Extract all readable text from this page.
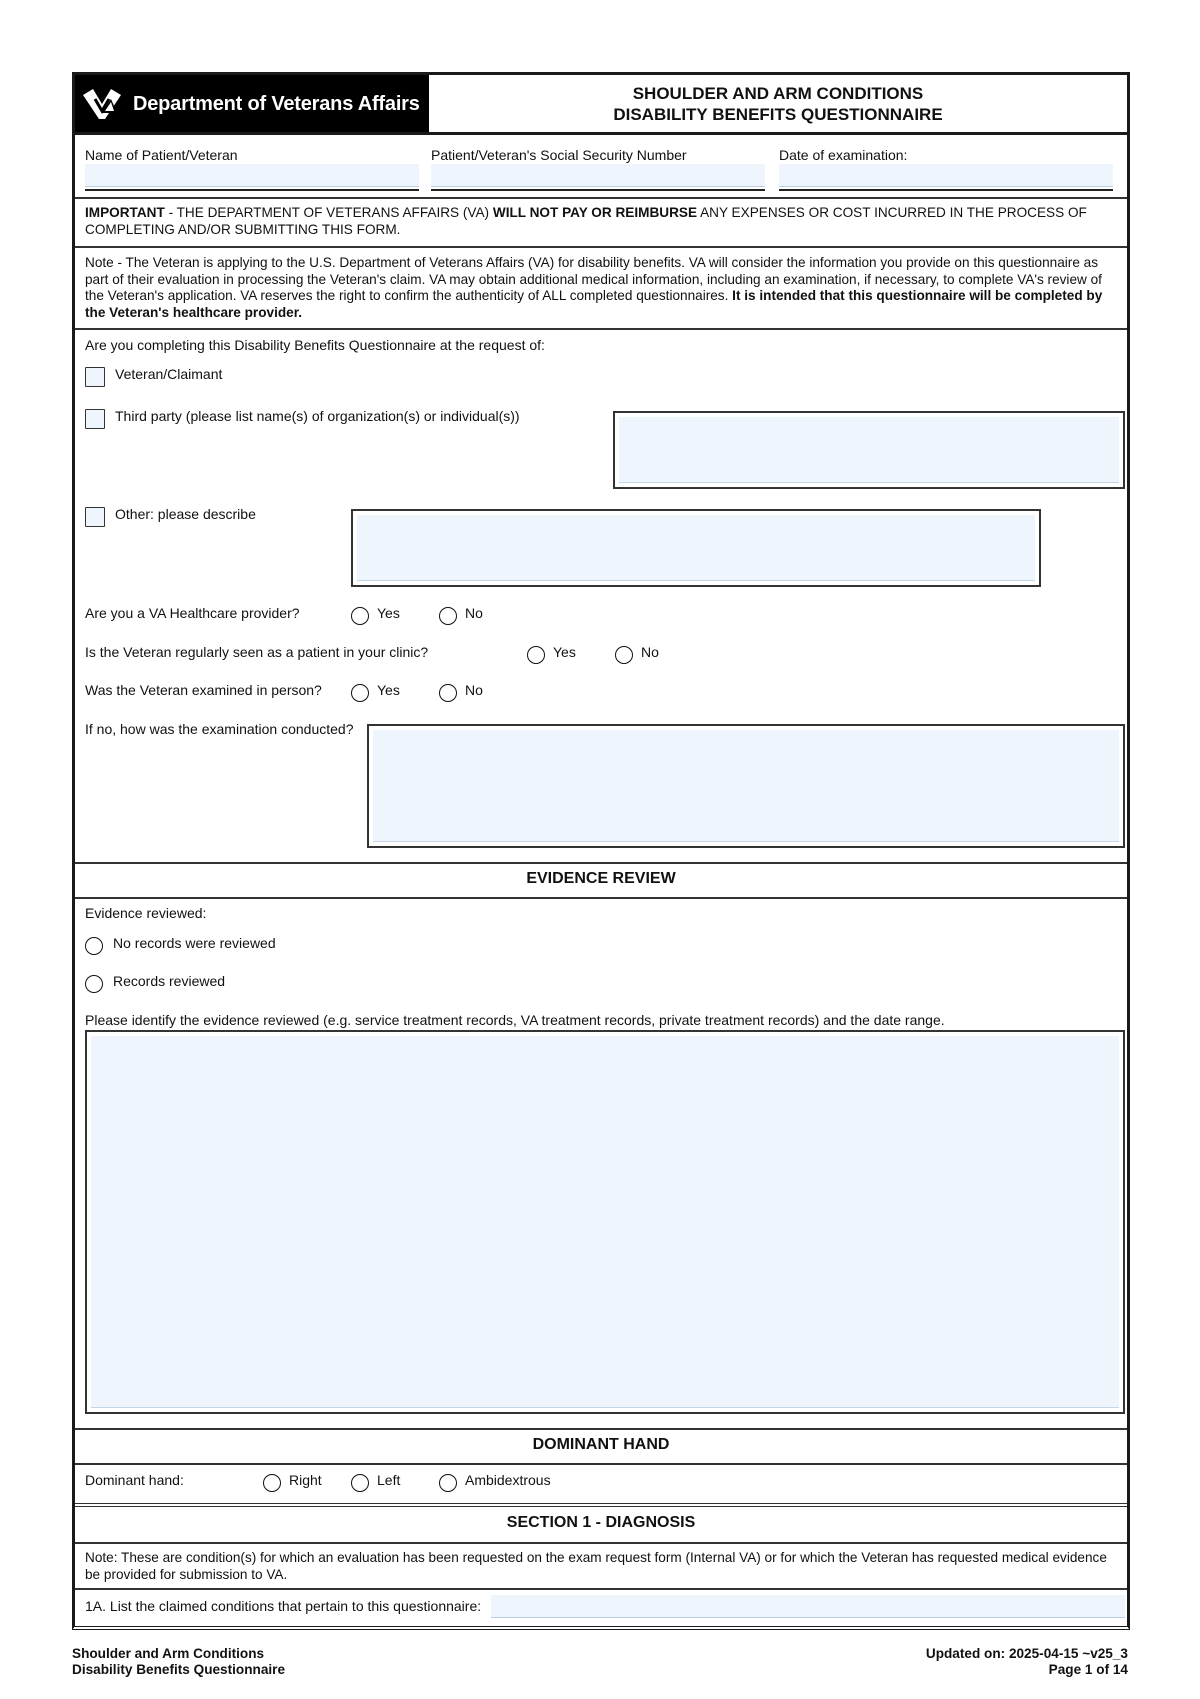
Department of Veterans Affairs	SHOULDER AND ARM CONDITIONS
DISABILITY BENEFITS QUESTIONNAIRE
Name of Patient/Veteran	Patient/Veteran's Social Security Number	Date of examination:
IMPORTANT - THE DEPARTMENT OF VETERANS AFFAIRS (VA) WILL NOT PAY OR REIMBURSE ANY EXPENSES OR COST INCURRED IN THE PROCESS OF COMPLETING AND/OR SUBMITTING THIS FORM.
Note - The Veteran is applying to the U.S. Department of Veterans Affairs (VA) for disability benefits. VA will consider the information you provide on this questionnaire as part of their evaluation in processing the Veteran's claim. VA may obtain additional medical information, including an examination, if necessary, to complete VA's review of the Veteran's application. VA reserves the right to confirm the authenticity of ALL completed questionnaires. It is intended that this questionnaire will be completed by the Veteran's healthcare provider.
Are you completing this Disability Benefits Questionnaire at the request of:
Veteran/Claimant
Third party (please list name(s) of organization(s) or individual(s))
Other: please describe
Are you a VA Healthcare provider?	Yes	No
Is the Veteran regularly seen as a patient in your clinic?	Yes	No
Was the Veteran examined in person?	Yes	No
If no, how was the examination conducted?
EVIDENCE REVIEW
Evidence reviewed:
No records were reviewed
Records reviewed
Please identify the evidence reviewed (e.g. service treatment records, VA treatment records, private treatment records) and the date range.
DOMINANT HAND
Dominant hand:	Right	Left	Ambidextrous
SECTION 1 - DIAGNOSIS
Note: These are condition(s) for which an evaluation has been requested on the exam request form (Internal VA) or for which the Veteran has requested medical evidence be provided for submission to VA.
1A. List the claimed conditions that pertain to this questionnaire:
Shoulder and Arm Conditions
Disability Benefits Questionnaire
Updated on: 2025-04-15 ~v25_3
Page 1 of 14
